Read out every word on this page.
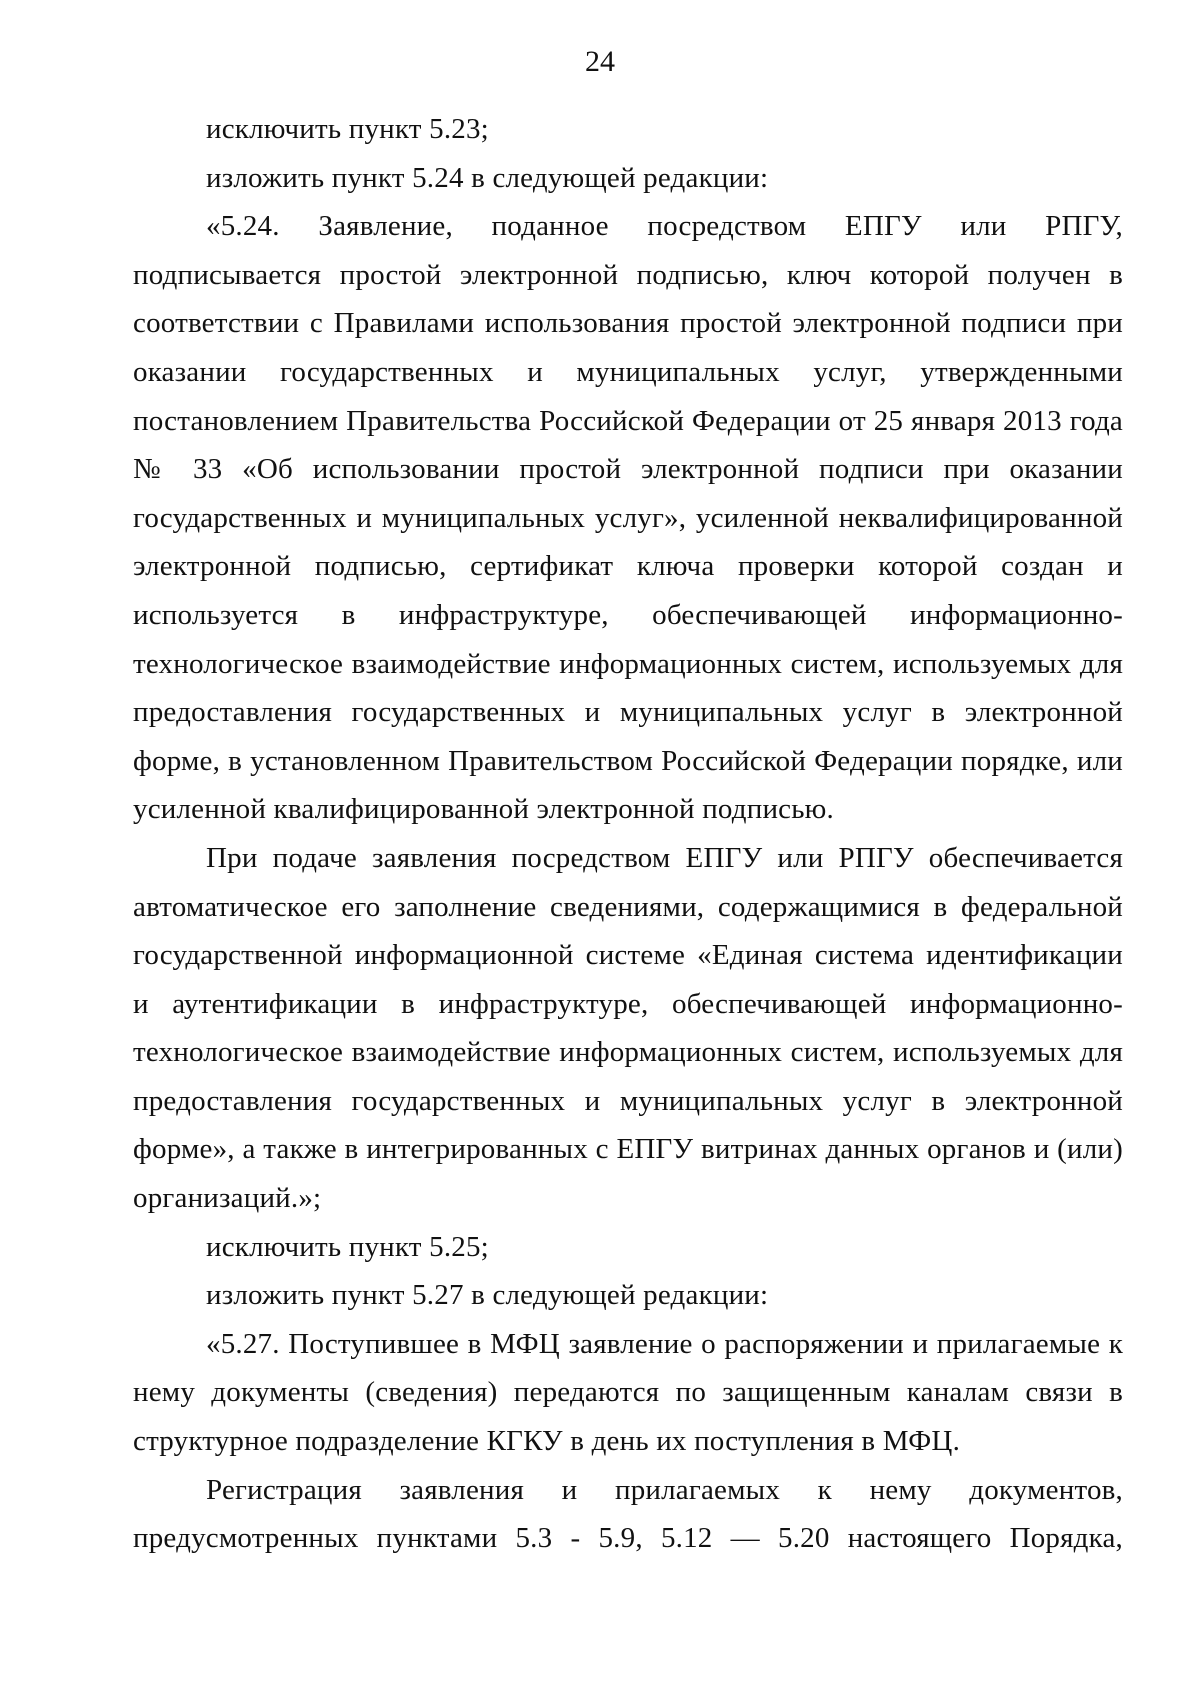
24

исключить пункт 5.23;

изложить пункт 5.24 в следующей редакции:

«5.24. Заявление, поданное посредством ЕПГУ или РПГУ, подписывается простой электронной подписью, ключ которой получен в соответствии с Правилами использования простой электронной подписи при оказании государственных и муниципальных услуг, утвержденными постановлением Правительства Российской Федерации от 25 января 2013 года № 33 «Об использовании простой электронной подписи при оказании государственных и муниципальных услуг», усиленной неквалифицированной электронной подписью, сертификат ключа проверки которой создан и используется в инфраструктуре, обеспечивающей информационно-технологическое взаимодействие информационных систем, используемых для предоставления государственных и муниципальных услуг в электронной форме, в установленном Правительством Российской Федерации порядке, или усиленной квалифицированной электронной подписью.

При подаче заявления посредством ЕПГУ или РПГУ обеспечивается автоматическое его заполнение сведениями, содержащимися в федеральной государственной информационной системе «Единая система идентификации и аутентификации в инфраструктуре, обеспечивающей информационно-технологическое взаимодействие информационных систем, используемых для предоставления государственных и муниципальных услуг в электронной форме», а также в интегрированных с ЕПГУ витринах данных органов и (или) организаций.»;

исключить пункт 5.25;

изложить пункт 5.27 в следующей редакции:

«5.27. Поступившее в МФЦ заявление о распоряжении и прилагаемые к нему документы (сведения) передаются по защищенным каналам связи в структурное подразделение КГКУ в день их поступления в МФЦ.

Регистрация заявления и прилагаемых к нему документов, предусмотренных пунктами 5.3 - 5.9, 5.12 — 5.20 настоящего Порядка,
